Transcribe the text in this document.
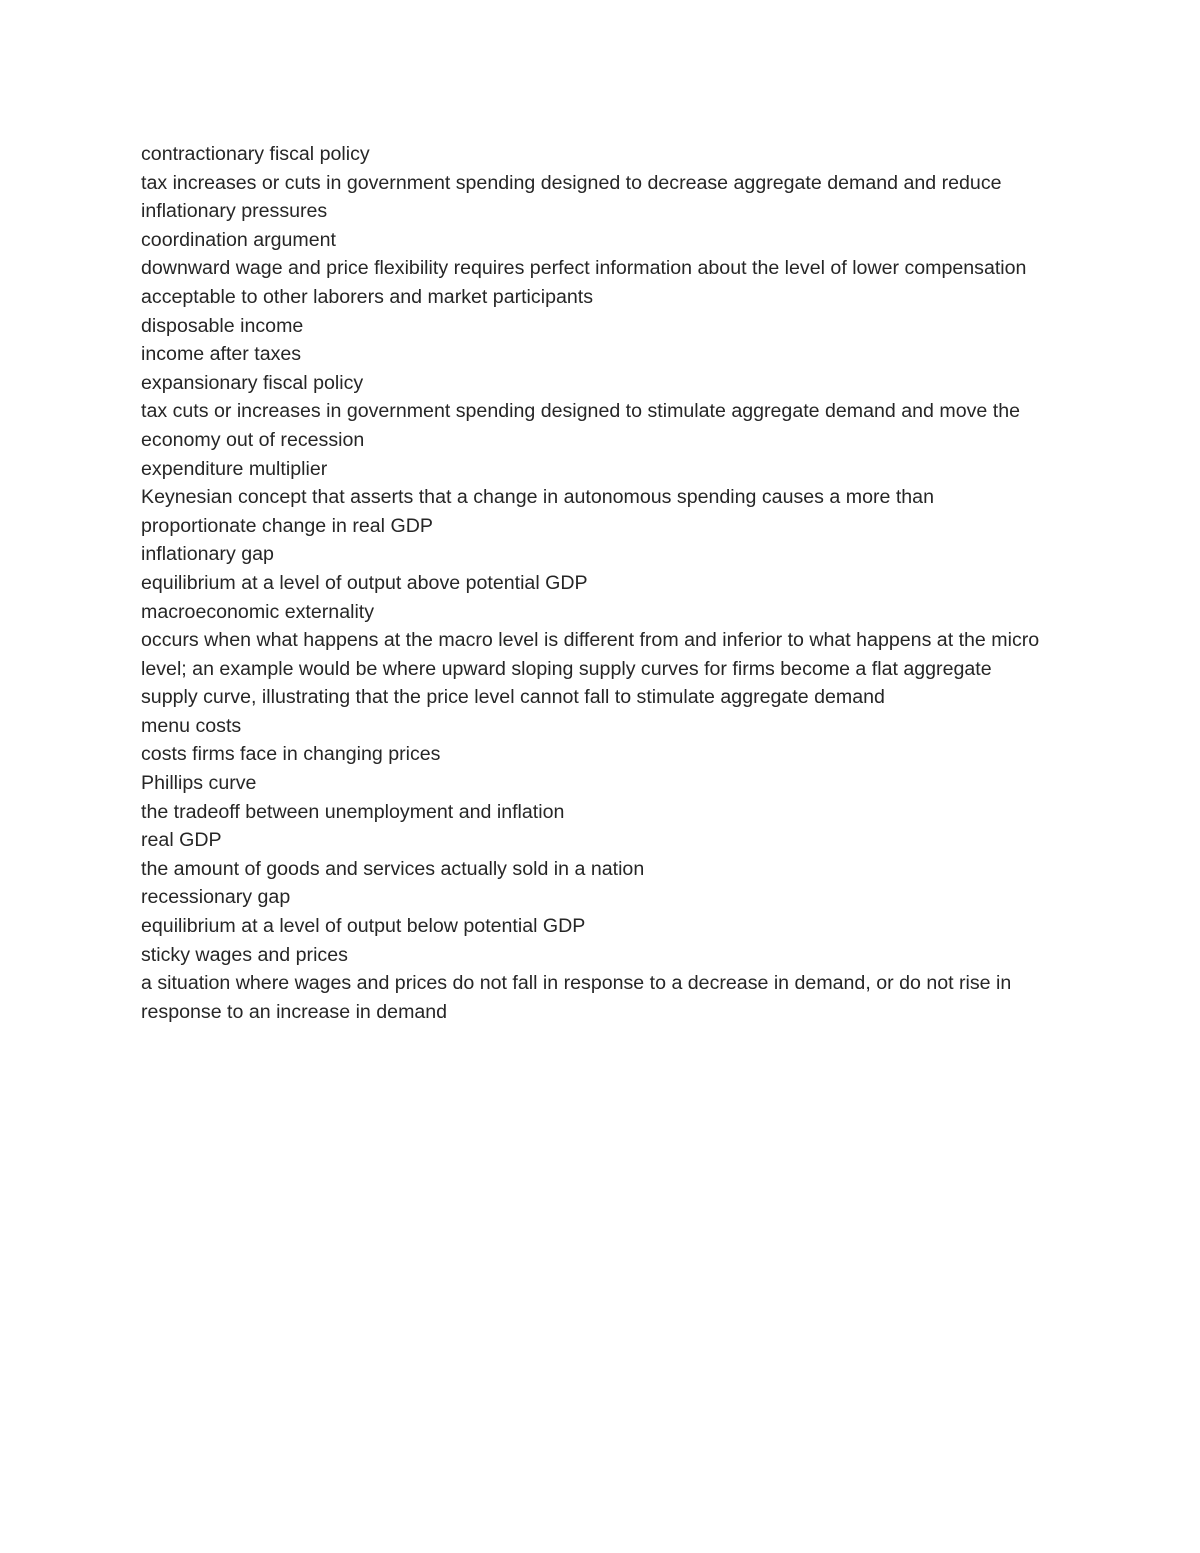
contractionary fiscal policy

tax increases or cuts in government spending designed to decrease aggregate demand and reduce inflationary pressures

coordination argument

downward wage and price flexibility requires perfect information about the level of lower compensation acceptable to other laborers and market participants

disposable income

income after taxes

expansionary fiscal policy

tax cuts or increases in government spending designed to stimulate aggregate demand and move the economy out of recession

expenditure multiplier

Keynesian concept that asserts that a change in autonomous spending causes a more than proportionate change in real GDP

inflationary gap

equilibrium at a level of output above potential GDP

macroeconomic externality

occurs when what happens at the macro level is different from and inferior to what happens at the micro level; an example would be where upward sloping supply curves for firms become a flat aggregate supply curve, illustrating that the price level cannot fall to stimulate aggregate demand

menu costs

costs firms face in changing prices

Phillips curve

the tradeoff between unemployment and inflation

real GDP

the amount of goods and services actually sold in a nation

recessionary gap

equilibrium at a level of output below potential GDP

sticky wages and prices

a situation where wages and prices do not fall in response to a decrease in demand, or do not rise in response to an increase in demand
